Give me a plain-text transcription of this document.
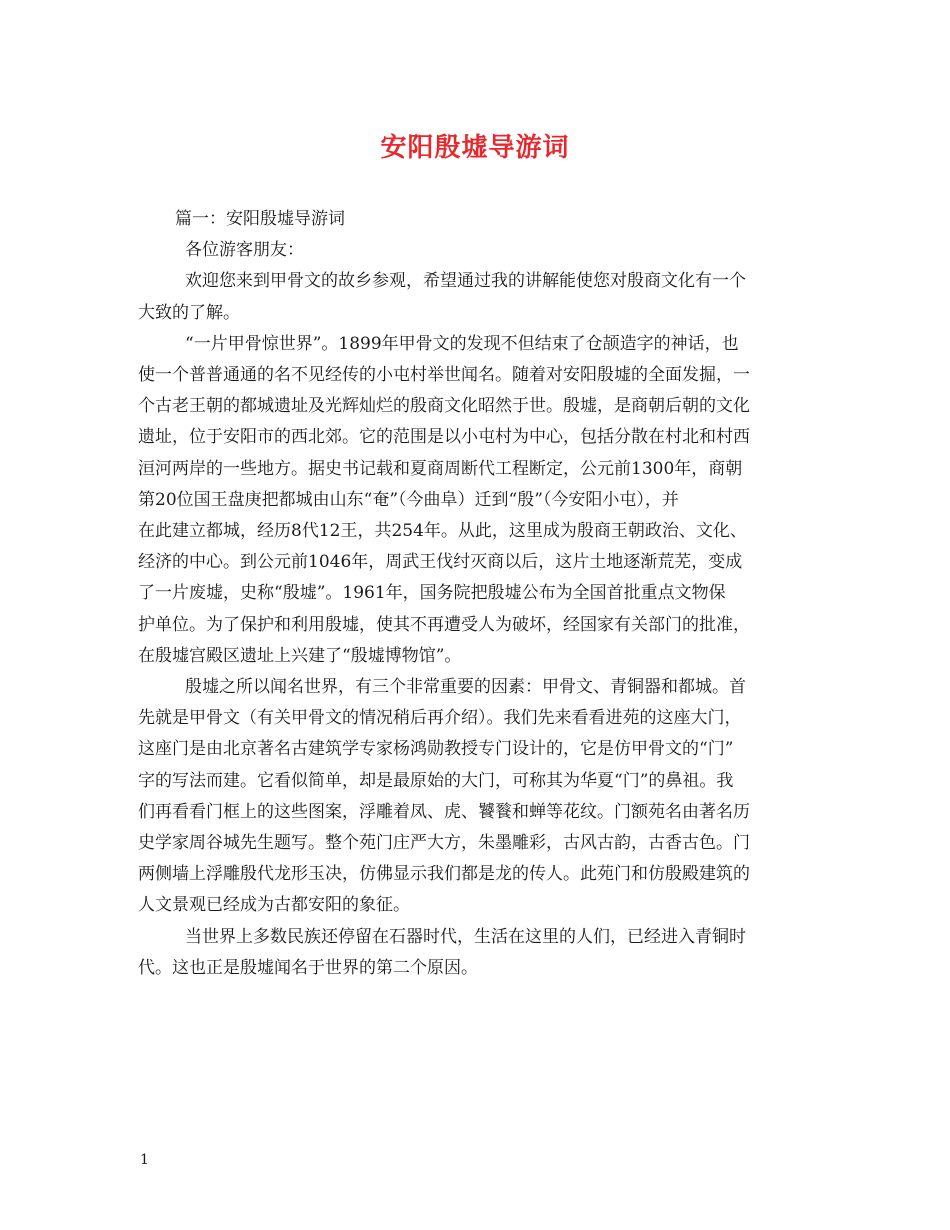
安阳殷墟导游词
篇一：安阳殷墟导游词
各位游客朋友：
欢迎您来到甲骨文的故乡参观，希望通过我的讲解能使您对殷商文化有一个
大致的了解。
“一片甲骨惊世界”。1899年甲骨文的发现不但结束了仓颉造字的神话，也
使一个普普通通的名不见经传的小屯村举世闻名。随着对安阳殷墟的全面发掘，一
个古老王朝的都城遗址及光辉灿烂的殷商文化昭然于世。殷墟，是商朝后朝的文化
遗址，位于安阳市的西北郊。它的范围是以小屯村为中心，包括分散在村北和村西
洹河两岸的一些地方。据史书记载和夏商周断代工程断定，公元前1300年，商朝
第20位国王盘庚把都城由山东“奄”（今曲阜）迁到“殷”（今安阳小屯），并
在此建立都城，经历8代12王，共254年。从此，这里成为殷商王朝政治、文化、
经济的中心。到公元前1046年，周武王伐纣灭商以后，这片土地逐渐荒芜，变成
了一片废墟，史称“殷墟”。1961年，国务院把殷墟公布为全国首批重点文物保
护单位。为了保护和利用殷墟，使其不再遭受人为破坏，经国家有关部门的批准，
在殷墟宫殿区遗址上兴建了“殷墟博物馆”。
殷墟之所以闻名世界，有三个非常重要的因素：甲骨文、青铜器和都城。首
先就是甲骨文（有关甲骨文的情况稍后再介绍）。我们先来看看进苑的这座大门，
这座门是由北京著名古建筑学专家杨鸿勋教授专门设计的，它是仿甲骨文的“门”
字的写法而建。它看似简单，却是最原始的大门，可称其为华夏“门”的鼻祖。我
们再看看门框上的这些图案，浮雕着凤、虎、饕餮和蝉等花纹。门额苑名由著名历
史学家周谷城先生题写。整个苑门庄严大方，朱墨雕彩，古风古韵，古香古色。门
两侧墙上浮雕殷代龙形玉决，仿佛显示我们都是龙的传人。此苑门和仿殷殿建筑的
人文景观已经成为古都安阳的象征。
当世界上多数民族还停留在石器时代，生活在这里的人们，已经进入青铜时
代。这也正是殷墟闻名于世界的第二个原因。
1
